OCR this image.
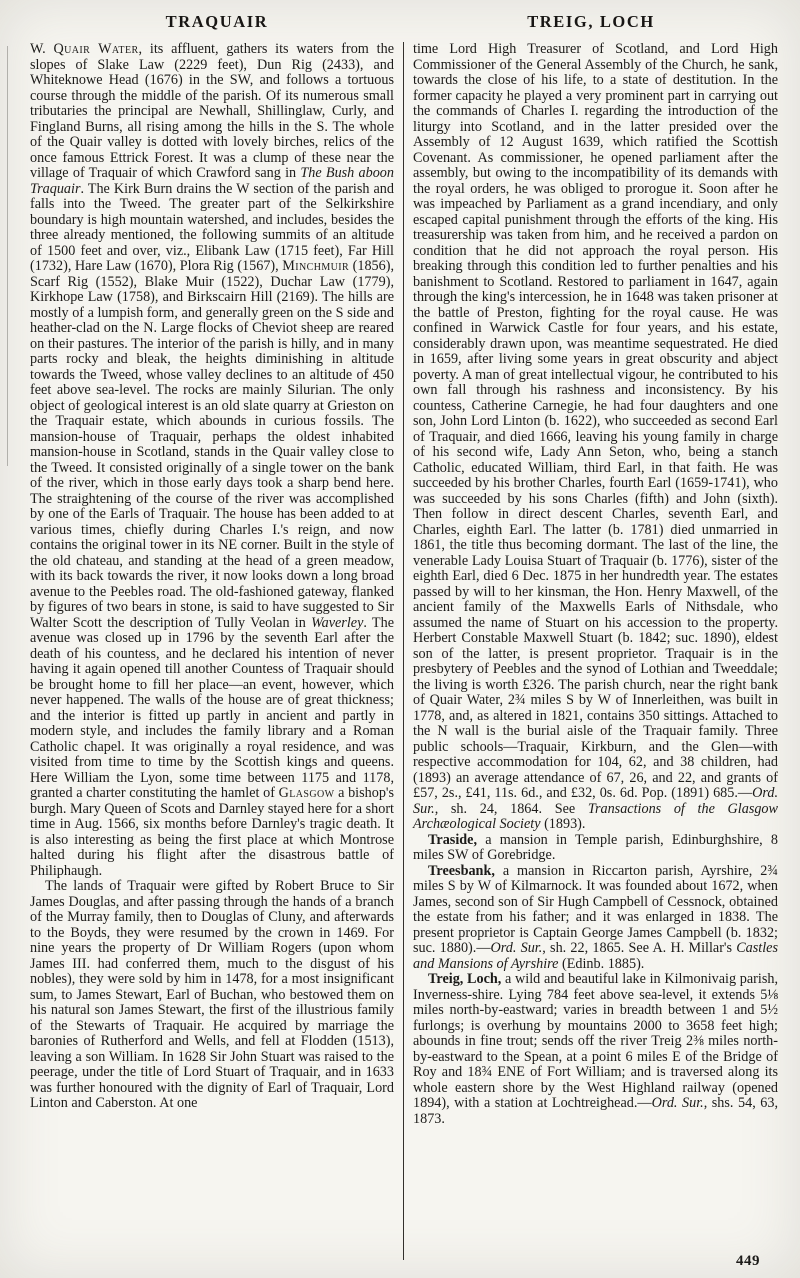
TRAQUAIR	TREIG, LOCH

W. Quair Water, its affluent, gathers its waters from the slopes of Slake Law (2229 feet), Dun Rig (2433), and Whiteknowe Head (1676) in the SW, and follows a tortuous course through the middle of the parish. Of its numerous small tributaries the principal are Newhall, Shillinglaw, Curly, and Fingland Burns, all rising among the hills in the S. The whole of the Quair valley is dotted with lovely birches, relics of the once famous Ettrick Forest. It was a clump of these near the village of Traquair of which Crawford sang in The Bush aboon Traquair. The Kirk Burn drains the W section of the parish and falls into the Tweed. The greater part of the Selkirkshire boundary is high mountain watershed, and includes, besides the three already mentioned, the following summits of an altitude of 1500 feet and over, viz., Elibank Law (1715 feet), Far Hill (1732), Hare Law (1670), Plora Rig (1567), Minchmuir (1856), Scarf Rig (1552), Blake Muir (1522), Duchar Law (1779), Kirkhope Law (1758), and Birkscairn Hill (2169). The hills are mostly of a lumpish form, and generally green on the S side and heather-clad on the N. Large flocks of Cheviot sheep are reared on their pastures. The interior of the parish is hilly, and in many parts rocky and bleak, the heights diminishing in altitude towards the Tweed, whose valley declines to an altitude of 450 feet above sea-level. The rocks are mainly Silurian. The only object of geological interest is an old slate quarry at Grieston on the Traquair estate, which abounds in curious fossils. The mansion-house of Traquair, perhaps the oldest inhabited mansion-house in Scotland, stands in the Quair valley close to the Tweed. It consisted originally of a single tower on the bank of the river, which in those early days took a sharp bend here. The straightening of the course of the river was accomplished by one of the Earls of Traquair. The house has been added to at various times, chiefly during Charles I.'s reign, and now contains the original tower in its NE corner. Built in the style of the old chateau, and standing at the head of a green meadow, with its back towards the river, it now looks down a long broad avenue to the Peebles road. The old-fashioned gateway, flanked by figures of two bears in stone, is said to have suggested to Sir Walter Scott the description of Tully Veolan in Waverley. The avenue was closed up in 1796 by the seventh Earl after the death of his countess, and he declared his intention of never having it again opened till another Countess of Traquair should be brought home to fill her place—an event, however, which never happened. The walls of the house are of great thickness; and the interior is fitted up partly in ancient and partly in modern style, and includes the family library and a Roman Catholic chapel. It was originally a royal residence, and was visited from time to time by the Scottish kings and queens. Here William the Lyon, some time between 1175 and 1178, granted a charter constituting the hamlet of Glasgow a bishop's burgh. Mary Queen of Scots and Darnley stayed here for a short time in Aug. 1566, six months before Darnley's tragic death. It is also interesting as being the first place at which Montrose halted during his flight after the disastrous battle of Philiphaugh.

The lands of Traquair were gifted by Robert Bruce to Sir James Douglas, and after passing through the hands of a branch of the Murray family, then to Douglas of Cluny, and afterwards to the Boyds, they were resumed by the crown in 1469. For nine years the property of Dr William Rogers (upon whom James III. had conferred them, much to the disgust of his nobles), they were sold by him in 1478, for a most insignificant sum, to James Stewart, Earl of Buchan, who bestowed them on his natural son James Stewart, the first of the illustrious family of the Stewarts of Traquair. He acquired by marriage the baronies of Rutherford and Wells, and fell at Flodden (1513), leaving a son William. In 1628 Sir John Stuart was raised to the peerage, under the title of Lord Stuart of Traquair, and in 1633 was further honoured with the dignity of Earl of Traquair, Lord Linton and Caberston. At one

time Lord High Treasurer of Scotland, and Lord High Commissioner of the General Assembly of the Church, he sank, towards the close of his life, to a state of destitution. In the former capacity he played a very prominent part in carrying out the commands of Charles I. regarding the introduction of the liturgy into Scotland, and in the latter presided over the Assembly of 12 August 1639, which ratified the Scottish Covenant. As commissioner, he opened parliament after the assembly, but owing to the incompatibility of its demands with the royal orders, he was obliged to prorogue it. Soon after he was impeached by Parliament as a grand incendiary, and only escaped capital punishment through the efforts of the king. His treasurership was taken from him, and he received a pardon on condition that he did not approach the royal person. His breaking through this condition led to further penalties and his banishment to Scotland. Restored to parliament in 1647, again through the king's intercession, he in 1648 was taken prisoner at the battle of Preston, fighting for the royal cause. He was confined in Warwick Castle for four years, and his estate, considerably drawn upon, was meantime sequestrated. He died in 1659, after living some years in great obscurity and abject poverty. A man of great intellectual vigour, he contributed to his own fall through his rashness and inconsistency. By his countess, Catherine Carnegie, he had four daughters and one son, John Lord Linton (b. 1622), who succeeded as second Earl of Traquair, and died 1666, leaving his young family in charge of his second wife, Lady Ann Seton, who, being a stanch Catholic, educated William, third Earl, in that faith. He was succeeded by his brother Charles, fourth Earl (1659-1741), who was succeeded by his sons Charles (fifth) and John (sixth). Then follow in direct descent Charles, seventh Earl, and Charles, eighth Earl. The latter (b. 1781) died unmarried in 1861, the title thus becoming dormant. The last of the line, the venerable Lady Louisa Stuart of Traquair (b. 1776), sister of the eighth Earl, died 6 Dec. 1875 in her hundredth year. The estates passed by will to her kinsman, the Hon. Henry Maxwell, of the ancient family of the Maxwells Earls of Nithsdale, who assumed the name of Stuart on his accession to the property. Herbert Constable Maxwell Stuart (b. 1842; suc. 1890), eldest son of the latter, is present proprietor. Traquair is in the presbytery of Peebles and the synod of Lothian and Tweeddale; the living is worth £326. The parish church, near the right bank of Quair Water, 2¾ miles S by W of Innerleithen, was built in 1778, and, as altered in 1821, contains 350 sittings. Attached to the N wall is the burial aisle of the Traquair family. Three public schools—Traquair, Kirkburn, and the Glen—with respective accommodation for 104, 62, and 38 children, had (1893) an average attendance of 67, 26, and 22, and grants of £57, 2s., £41, 11s. 6d., and £32, 0s. 6d. Pop. (1891) 685.—Ord. Sur., sh. 24, 1864. See Transactions of the Glasgow Archæological Society (1893).

Traside, a mansion in Temple parish, Edinburghshire, 8 miles SW of Gorebridge.

Treesbank, a mansion in Riccarton parish, Ayrshire, 2¾ miles S by W of Kilmarnock. It was founded about 1672, when James, second son of Sir Hugh Campbell of Cessnock, obtained the estate from his father; and it was enlarged in 1838. The present proprietor is Captain George James Campbell (b. 1832; suc. 1880).—Ord. Sur., sh. 22, 1865. See A. H. Millar's Castles and Mansions of Ayrshire (Edinb. 1885).

Treig, Loch, a wild and beautiful lake in Kilmonivaig parish, Inverness-shire. Lying 784 feet above sea-level, it extends 5⅛ miles north-by-eastward; varies in breadth between 1 and 5½ furlongs; is overhung by mountains 2000 to 3658 feet high; abounds in fine trout; sends off the river Treig 2⅜ miles north-by-eastward to the Spean, at a point 6 miles E of the Bridge of Roy and 18¾ ENE of Fort William; and is traversed along its whole eastern shore by the West Highland railway (opened 1894), with a station at Lochtreighead.—Ord. Sur., shs. 54, 63, 1873.

449
